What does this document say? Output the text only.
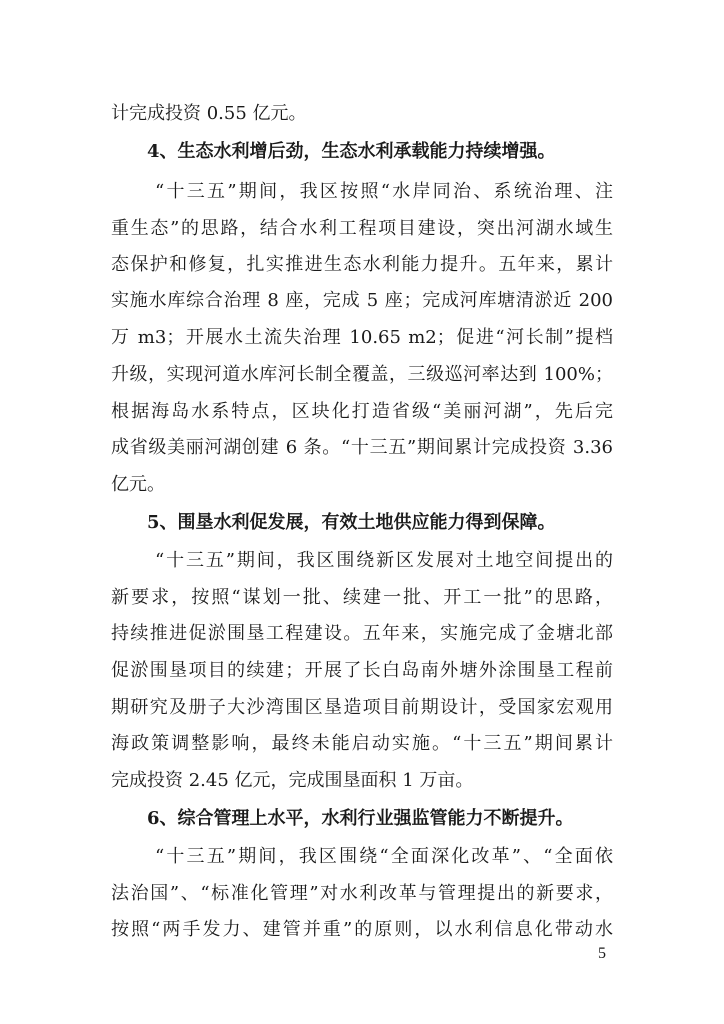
计完成投资 0.55 亿元。
4、生态水利增后劲，生态水利承载能力持续增强。
“十三五”期间，我区按照“水岸同治、系统治理、注
重生态”的思路，结合水利工程项目建设，突出河湖水域生
态保护和修复，扎实推进生态水利能力提升。五年来，累计
实施水库综合治理 8 座，完成 5 座；完成河库塘清淤近 200
万 m3；开展水土流失治理 10.65 m2；促进“河长制”提档
升级，实现河道水库河长制全覆盖，三级巡河率达到 100%；
根据海岛水系特点，区块化打造省级“美丽河湖”，先后完
成省级美丽河湖创建 6 条。“十三五”期间累计完成投资 3.36
亿元。
5、围垦水利促发展，有效土地供应能力得到保障。
“十三五”期间，我区围绕新区发展对土地空间提出的
新要求，按照“谋划一批、续建一批、开工一批”的思路，
持续推进促淤围垦工程建设。五年来，实施完成了金塘北部
促淤围垦项目的续建；开展了长白岛南外塘外涂围垦工程前
期研究及册子大沙湾围区垦造项目前期设计，受国家宏观用
海政策调整影响，最终未能启动实施。“十三五”期间累计
完成投资 2.45 亿元，完成围垦面积 1 万亩。
6、综合管理上水平，水利行业强监管能力不断提升。
“十三五”期间，我区围绕“全面深化改革”、“全面依
法治国”、“标准化管理”对水利改革与管理提出的新要求，
按照“两手发力、建管并重”的原则，以水利信息化带动水
5
